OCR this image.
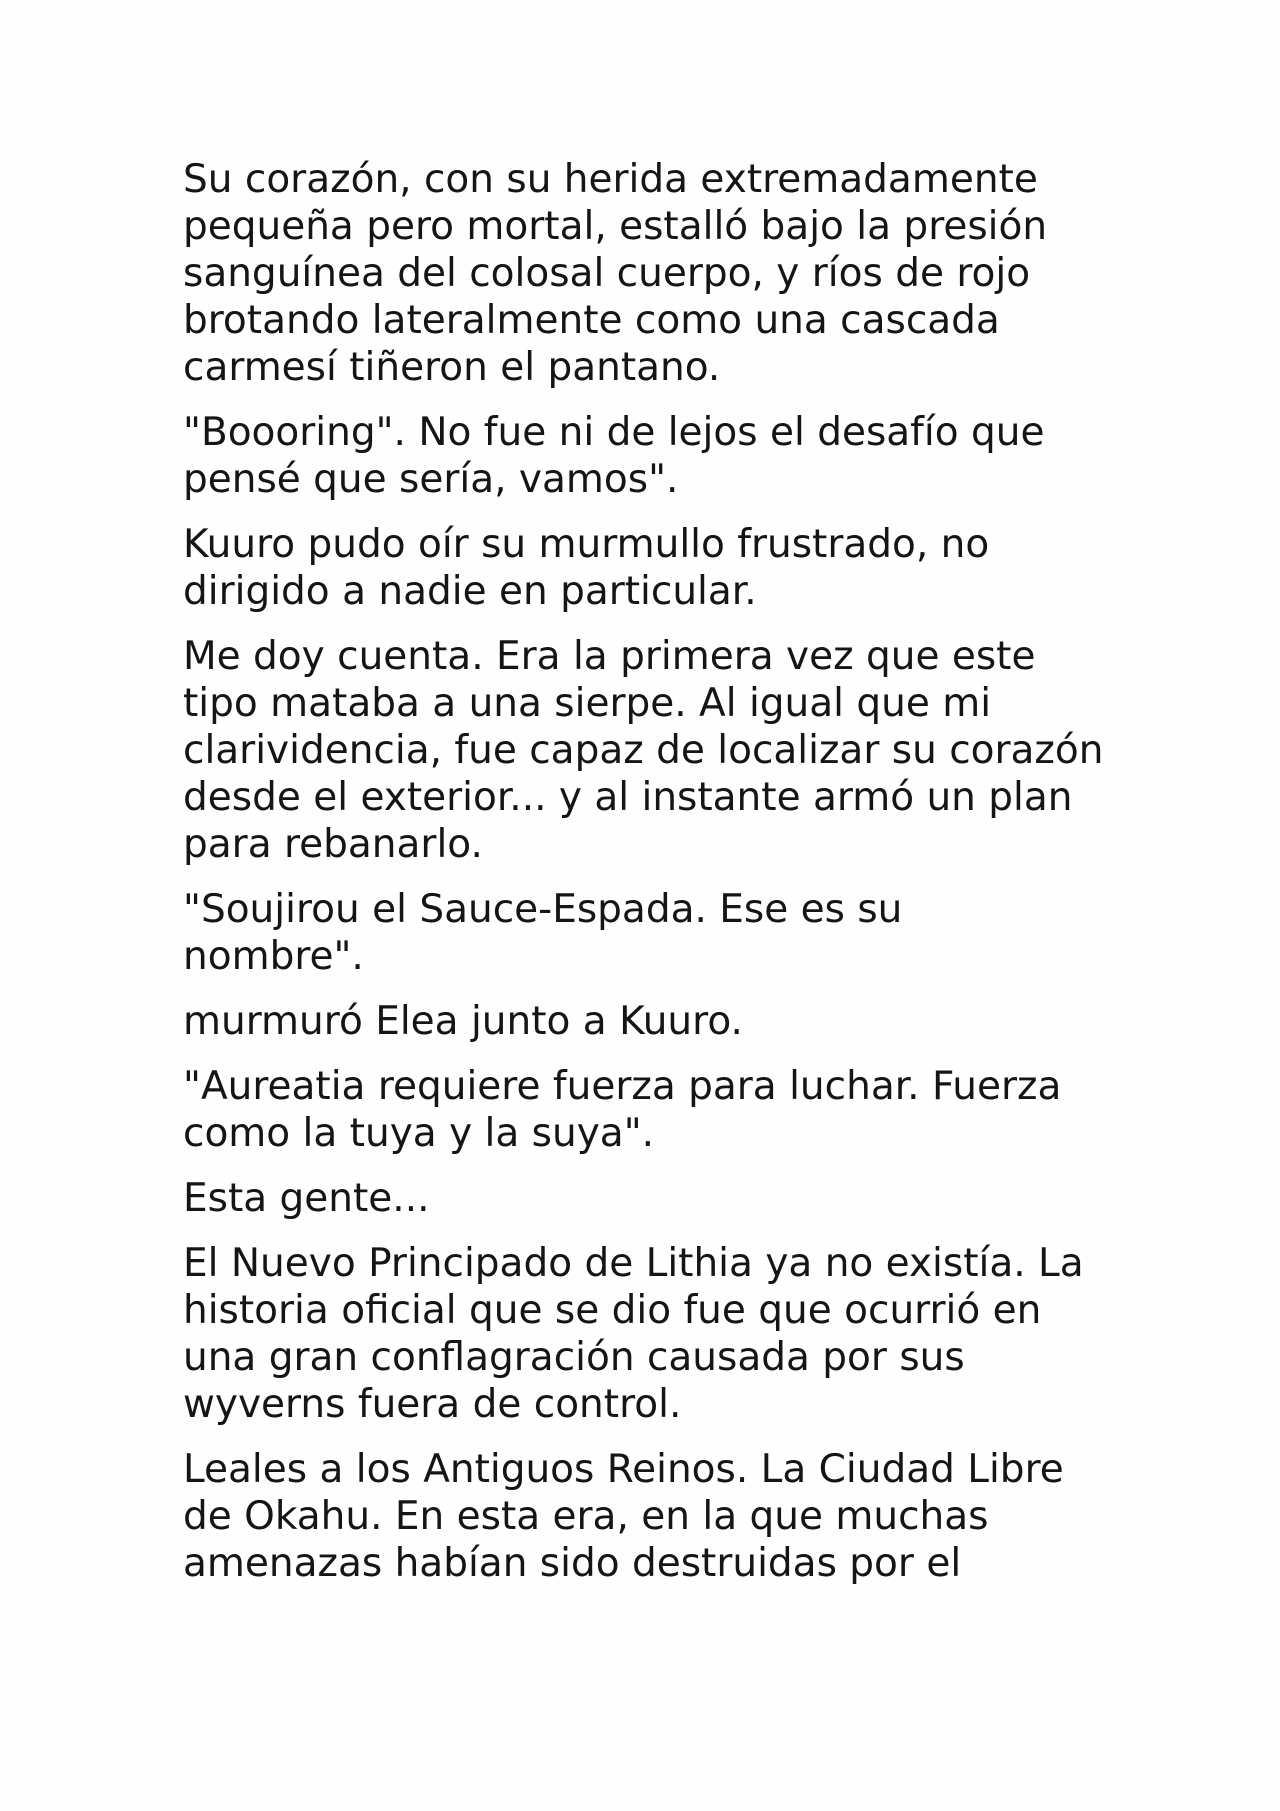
Su corazón, con su herida extremadamente
pequeña pero mortal, estalló bajo la presión
sanguínea del colosal cuerpo, y ríos de rojo
brotando lateralmente como una cascada
carmesí tiñeron el pantano.

"Boooring". No fue ni de lejos el desafío que
pensé que sería, vamos".

Kuuro pudo oír su murmullo frustrado, no
dirigido a nadie en particular.

Me doy cuenta. Era la primera vez que este
tipo mataba a una sierpe. Al igual que mi
clarividencia, fue capaz de localizar su corazón
desde el exterior... y al instante armó un plan
para rebanarlo.

"Soujirou el Sauce-Espada. Ese es su
nombre".

murmuró Elea junto a Kuuro.

"Aureatia requiere fuerza para luchar. Fuerza
como la tuya y la suya".

Esta gente...

El Nuevo Principado de Lithia ya no existía. La
historia oficial que se dio fue que ocurrió en
una gran conflagración causada por sus
wyverns fuera de control.

Leales a los Antiguos Reinos. La Ciudad Libre
de Okahu. En esta era, en la que muchas
amenazas habían sido destruidas por el
